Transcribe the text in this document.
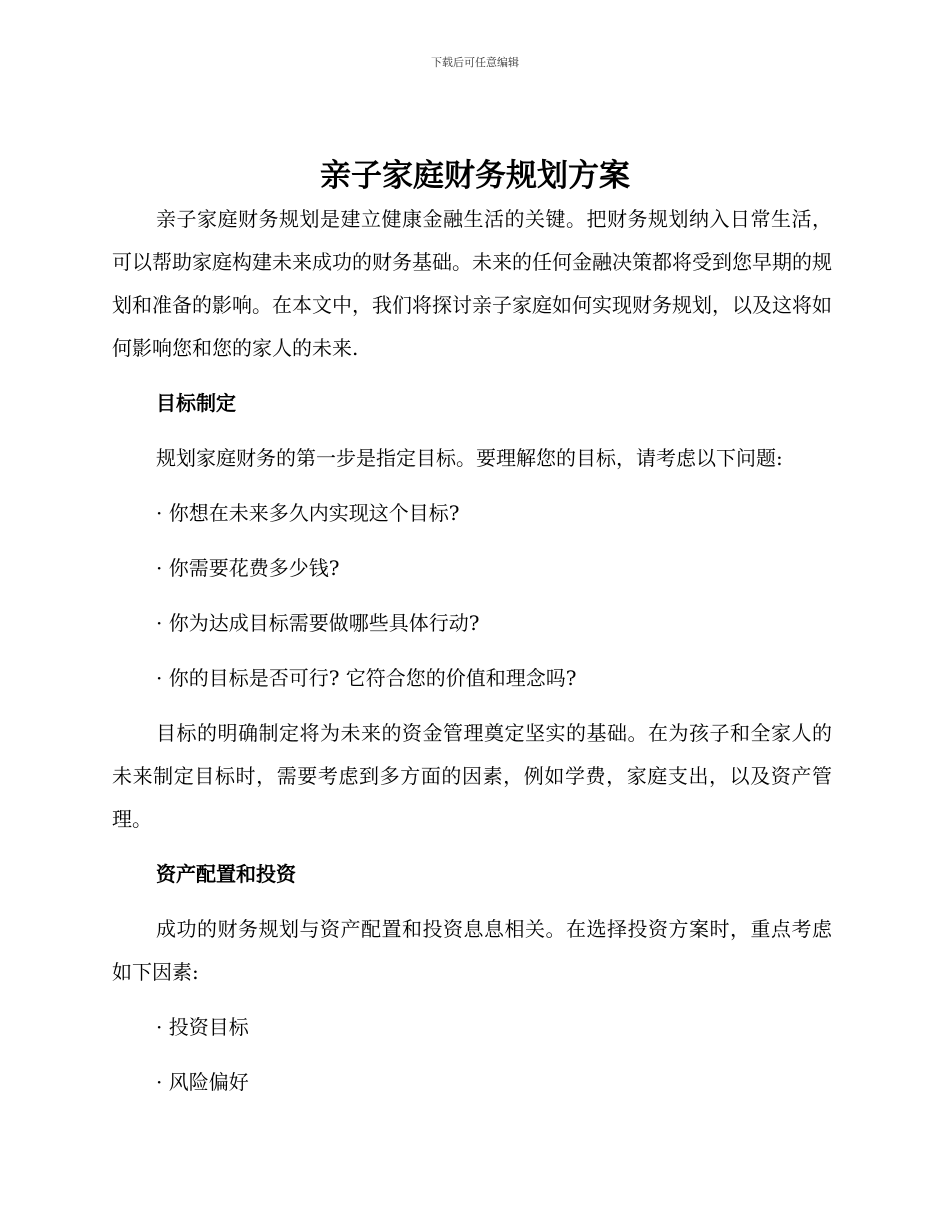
下载后可任意编辑
亲子家庭财务规划方案

亲子家庭财务规划是建立健康金融生活的关键。把财务规划纳入日常生活，可以帮助家庭构建未来成功的财务基础。未来的任何金融决策都将受到您早期的规划和准备的影响。在本文中，我们将探讨亲子家庭如何实现财务规划，以及这将如何影响您和您的家人的未来.

目标制定

规划家庭财务的第一步是指定目标。要理解您的目标，请考虑以下问题:

· 你想在未来多久内实现这个目标?

· 你需要花费多少钱?

· 你为达成目标需要做哪些具体行动?

· 你的目标是否可行? 它符合您的价值和理念吗?

目标的明确制定将为未来的资金管理奠定坚实的基础。在为孩子和全家人的未来制定目标时，需要考虑到多方面的因素，例如学费，家庭支出，以及资产管理。

资产配置和投资

成功的财务规划与资产配置和投资息息相关。在选择投资方案时，重点考虑如下因素:

· 投资目标

· 风险偏好
